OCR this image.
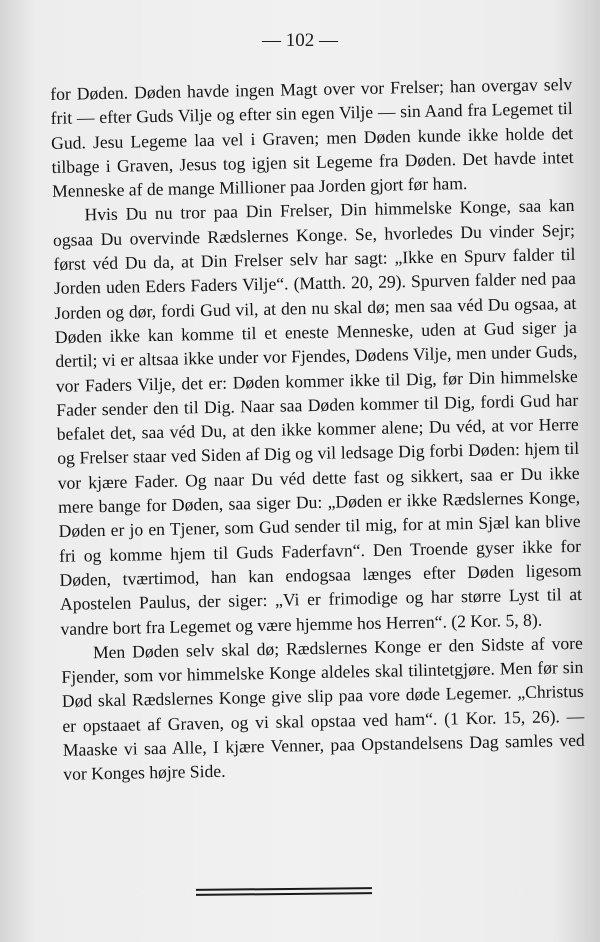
— 102 —

for Døden. Døden havde ingen Magt over vor Frelser; han overgav selv frit — efter Guds Vilje og efter sin egen Vilje — sin Aand fra Legemet til Gud. Jesu Legeme laa vel i Graven; men Døden kunde ikke holde det tilbage i Graven, Jesus tog igjen sit Legeme fra Døden. Det havde intet Menneske af de mange Millioner paa Jorden gjort før ham.

Hvis Du nu tror paa Din Frelser, Din himmelske Konge, saa kan ogsaa Du overvinde Rædslernes Konge. Se, hvorledes Du vinder Sejr; først véd Du da, at Din Frelser selv har sagt: „Ikke en Spurv falder til Jorden uden Eders Faders Vilje“. (Matth. 20, 29). Spurven falder ned paa Jorden og dør, fordi Gud vil, at den nu skal dø; men saa véd Du ogsaa, at Døden ikke kan komme til et eneste Menneske, uden at Gud siger ja dertil; vi er altsaa ikke under vor Fjendes, Dødens Vilje, men under Guds, vor Faders Vilje, det er: Døden kommer ikke til Dig, før Din himmelske Fader sender den til Dig. Naar saa Døden kommer til Dig, fordi Gud har befalet det, saa véd Du, at den ikke kommer alene; Du véd, at vor Herre og Frelser staar ved Siden af Dig og vil ledsage Dig forbi Døden: hjem til vor kjære Fader. Og naar Du véd dette fast og sikkert, saa er Du ikke mere bange for Døden, saa siger Du: „Døden er ikke Rædslernes Konge, Døden er jo en Tjener, som Gud sender til mig, for at min Sjæl kan blive fri og komme hjem til Guds Faderfavn“. Den Troende gyser ikke for Døden, tværtimod, han kan endogsaa længes efter Døden ligesom Apostelen Paulus, der siger: „Vi er frimodige og har større Lyst til at vandre bort fra Legemet og være hjemme hos Herren“. (2 Kor. 5, 8).

Men Døden selv skal dø; Rædslernes Konge er den Sidste af vore Fjender, som vor himmelske Konge aldeles skal tilintetgjøre. Men før sin Død skal Rædslernes Konge give slip paa vore døde Legemer. „Christus er opstaaet af Graven, og vi skal opstaa ved ham“. (1 Kor. 15, 26). — Maaske vi saa Alle, I kjære Venner, paa Opstandelsens Dag samles ved vor Konges højre Side.
